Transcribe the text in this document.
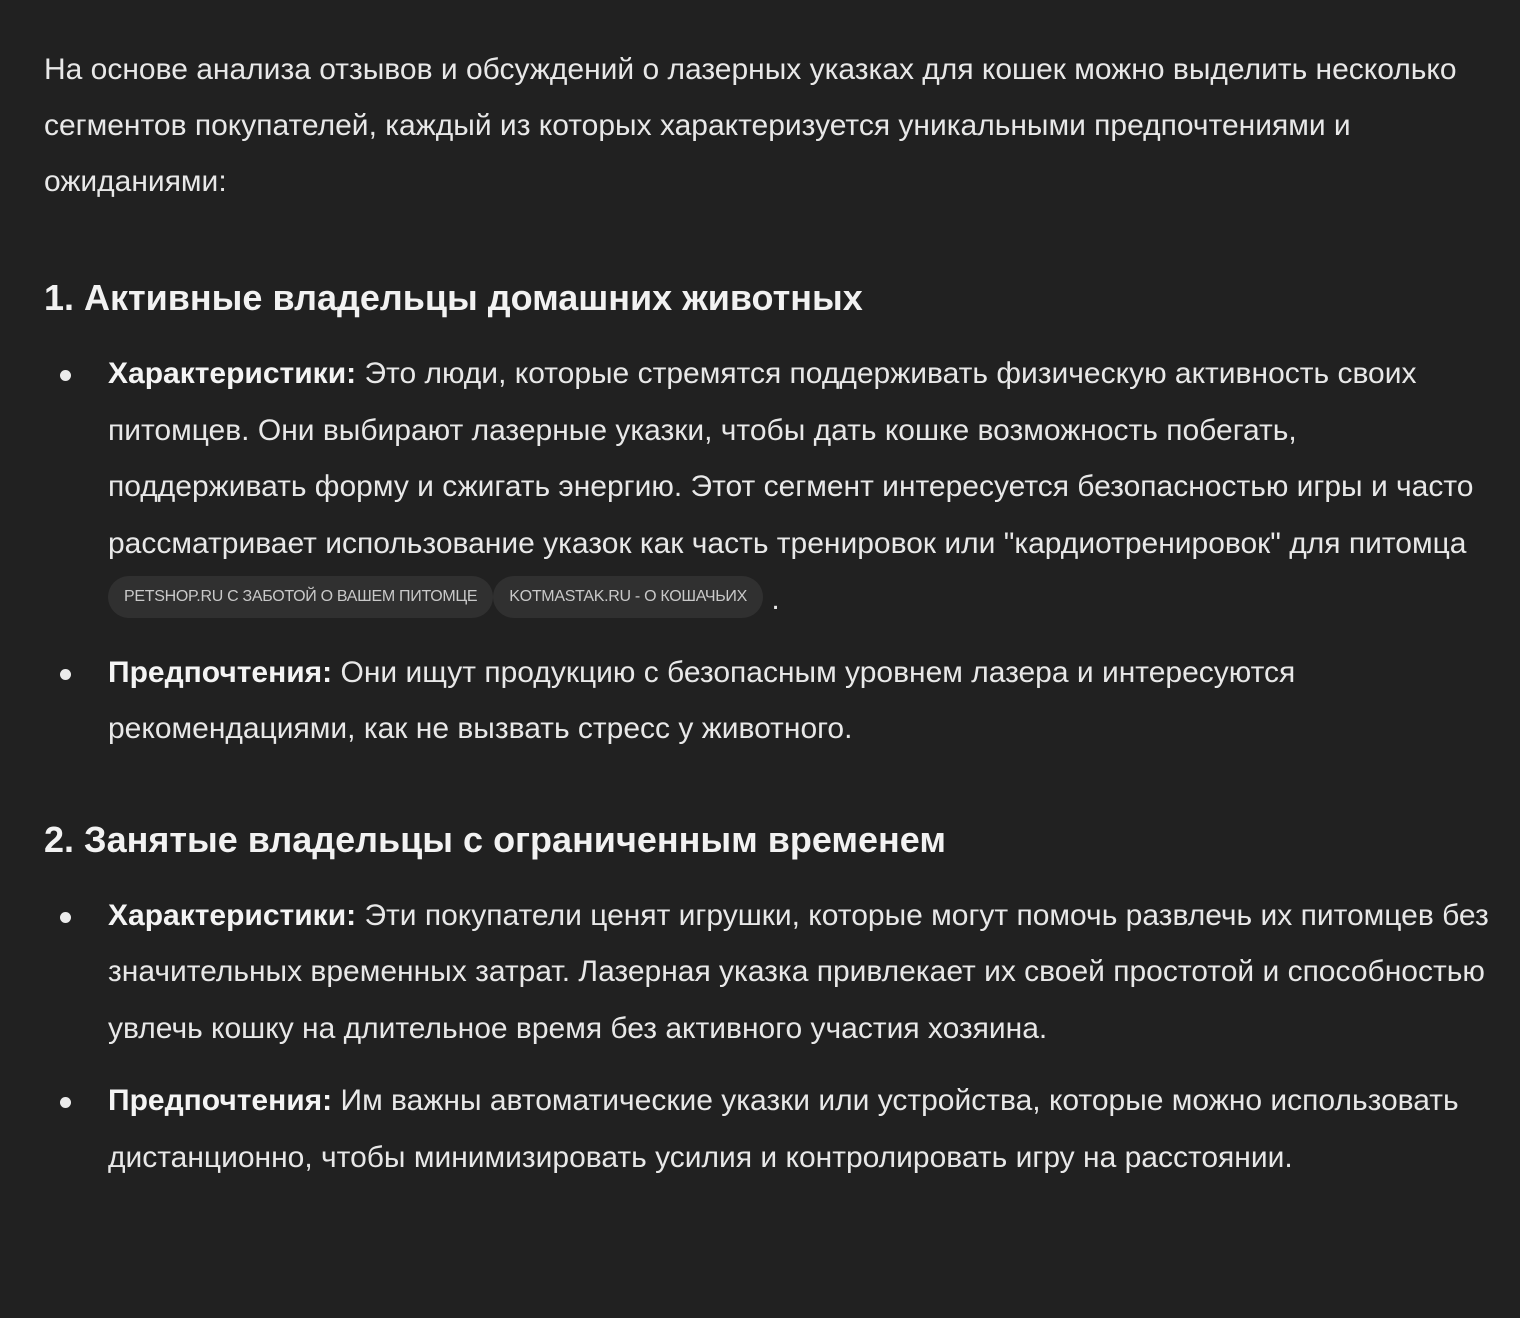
На основе анализа отзывов и обсуждений о лазерных указках для кошек можно выделить несколько сегментов покупателей, каждый из которых характеризуется уникальными предпочтениями и ожиданиями:

1. Активные владельцы домашних животных
Характеристики: Это люди, которые стремятся поддерживать физическую активность своих питомцев. Они выбирают лазерные указки, чтобы дать кошке возможность побегать, поддерживать форму и сжигать энергию. Этот сегмент интересуется безопасностью игры и часто рассматривает использование указок как часть тренировок или "кардиотренировок" для питомца PETSHOP.RU С ЗАБОТОЙ О ВАШЕМ ПИТОМЦЕ KOTMASTAK.RU - О КОШАЧЬИХ .
Предпочтения: Они ищут продукцию с безопасным уровнем лазера и интересуются рекомендациями, как не вызвать стресс у животного.
2. Занятые владельцы с ограниченным временем
Характеристики: Эти покупатели ценят игрушки, которые могут помочь развлечь их питомцев без значительных временных затрат. Лазерная указка привлекает их своей простотой и способностью увлечь кошку на длительное время без активного участия хозяина.
Предпочтения: Им важны автоматические указки или устройства, которые можно использовать дистанционно, чтобы минимизировать усилия и контролировать игру на расстоянии.
